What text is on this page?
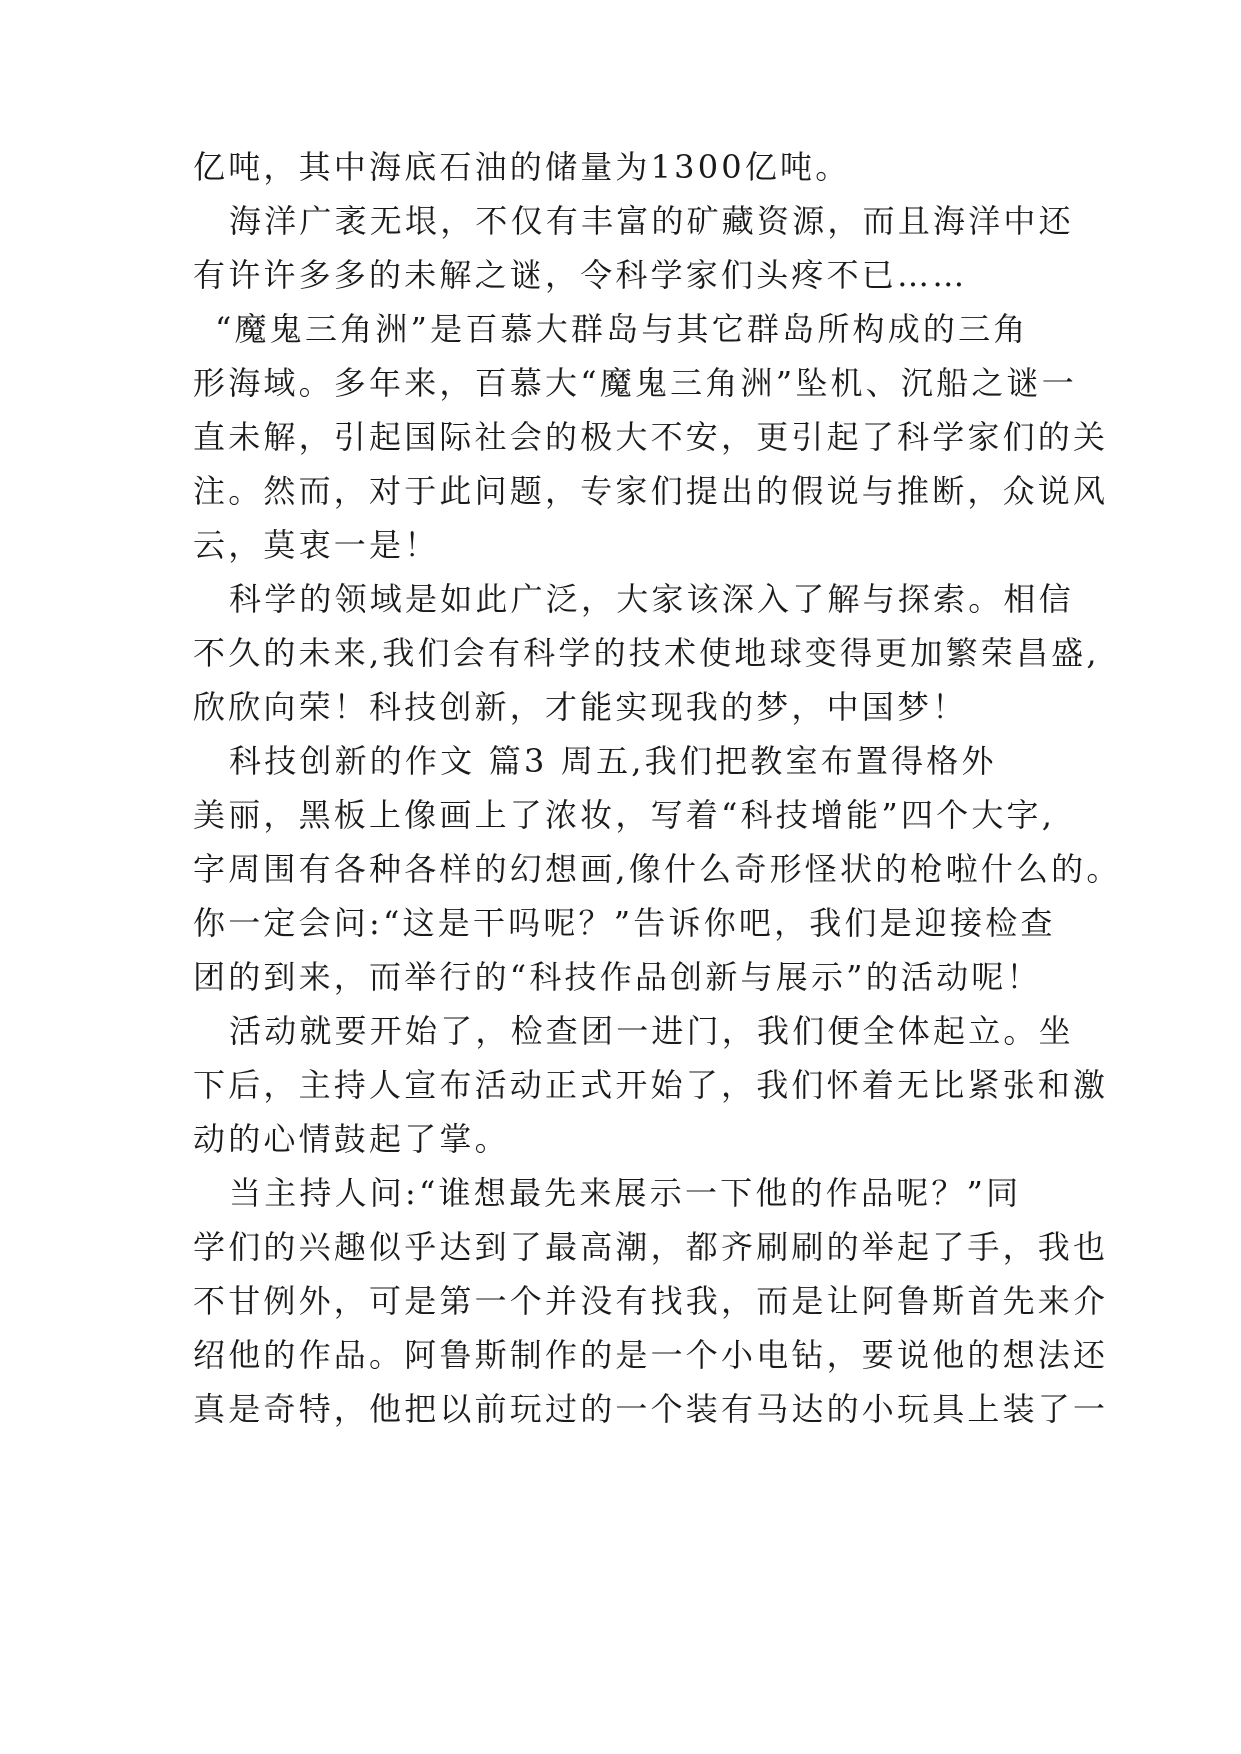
亿吨，其中海底石油的储量为1300亿吨。
海洋广袤无垠，不仅有丰富的矿藏资源，而且海洋中还
有许许多多的未解之谜，令科学家们头疼不已……
“魔鬼三角洲”是百慕大群岛与其它群岛所构成的三角
形海域。多年来，百慕大“魔鬼三角洲”坠机、沉船之谜一
直未解，引起国际社会的极大不安，更引起了科学家们的关
注。然而，对于此问题，专家们提出的假说与推断，众说风
云，莫衷一是！
科学的领域是如此广泛，大家该深入了解与探索。相信
不久的未来,我们会有科学的技术使地球变得更加繁荣昌盛,
欣欣向荣！科技创新，才能实现我的梦，中国梦！
科技创新的作文 篇3 周五,我们把教室布置得格外
美丽，黑板上像画上了浓妆，写着“科技增能”四个大字,
字周围有各种各样的幻想画,像什么奇形怪状的枪啦什么的。
你一定会问:“这是干吗呢？”告诉你吧，我们是迎接检查
团的到来，而举行的“科技作品创新与展示”的活动呢！
活动就要开始了，检查团一进门，我们便全体起立。坐
下后，主持人宣布活动正式开始了，我们怀着无比紧张和激
动的心情鼓起了掌。
当主持人问:“谁想最先来展示一下他的作品呢？”同
学们的兴趣似乎达到了最高潮，都齐刷刷的举起了手，我也
不甘例外，可是第一个并没有找我，而是让阿鲁斯首先来介
绍他的作品。阿鲁斯制作的是一个小电钻，要说他的想法还
真是奇特，他把以前玩过的一个装有马达的小玩具上装了一
